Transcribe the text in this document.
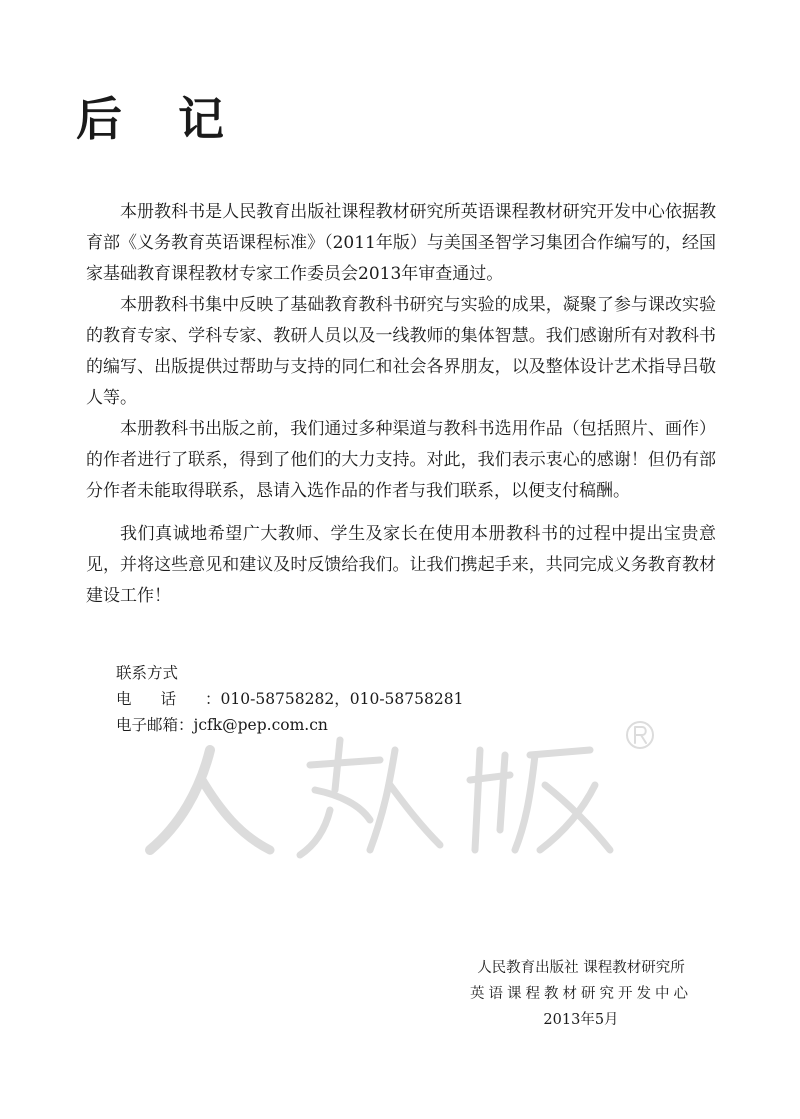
后 记

本册教科书是人民教育出版社课程教材研究所英语课程教材研究开发中心依据教育部《义务教育英语课程标准》（2011年版）与美国圣智学习集团合作编写的，经国家基础教育课程教材专家工作委员会2013年审查通过。

本册教科书集中反映了基础教育教科书研究与实验的成果，凝聚了参与课改实验的教育专家、学科专家、教研人员以及一线教师的集体智慧。我们感谢所有对教科书的编写、出版提供过帮助与支持的同仁和社会各界朋友，以及整体设计艺术指导吕敬人等。

本册教科书出版之前，我们通过多种渠道与教科书选用作品（包括照片、画作）的作者进行了联系，得到了他们的大力支持。对此，我们表示衷心的感谢！但仍有部分作者未能取得联系，恳请入选作品的作者与我们联系，以便支付稿酬。

我们真诚地希望广大教师、学生及家长在使用本册教科书的过程中提出宝贵意见，并将这些意见和建议及时反馈给我们。让我们携起手来，共同完成义务教育教材建设工作！

联系方式
电话：010-58758282，010-58758281
电子邮箱：jcfk@pep.com.cn
人民教育出版社 课程教材研究所
英语课程教材研究开发中心
2013年5月
